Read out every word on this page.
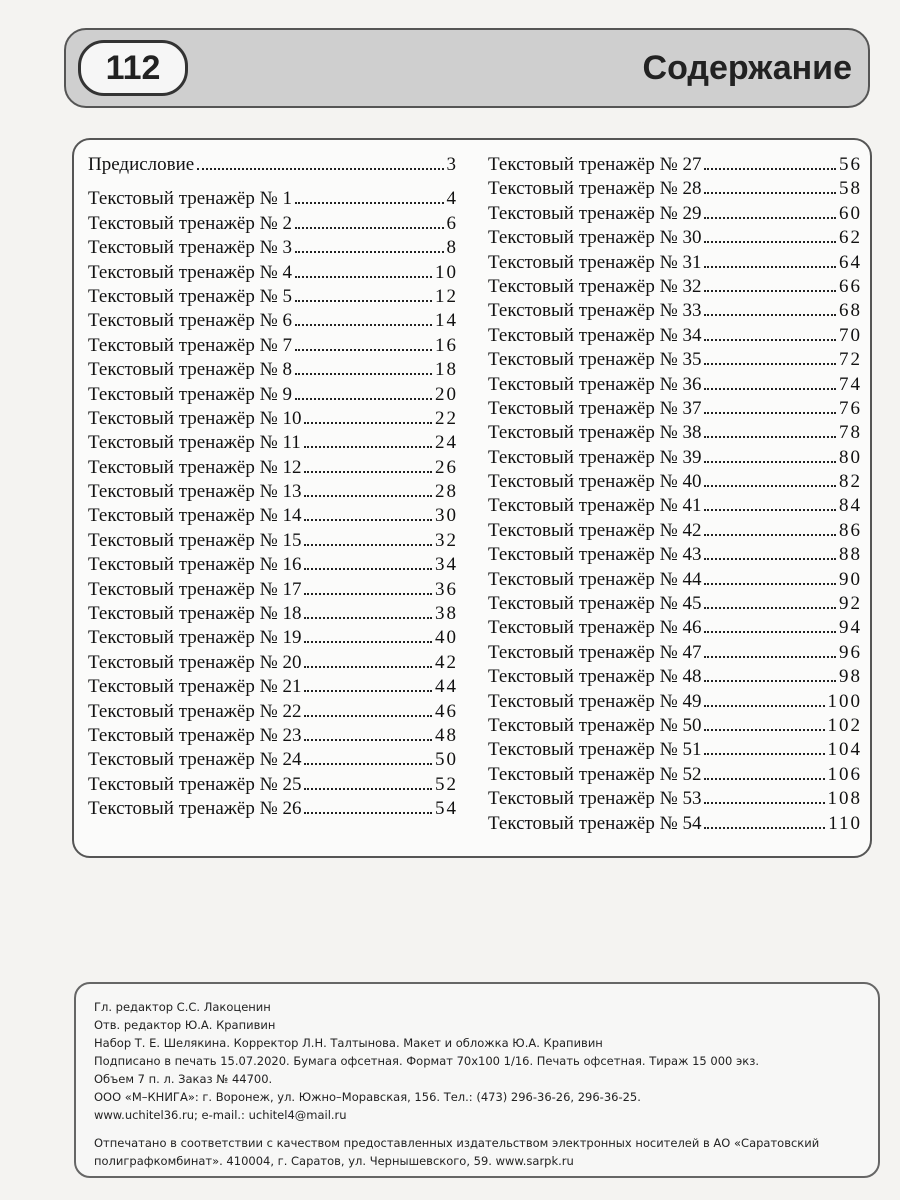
112	Содержание
Предисловие	3
Текстовый тренажёр № 1	4
Текстовый тренажёр № 2	6
Текстовый тренажёр № 3	8
Текстовый тренажёр № 4	10
Текстовый тренажёр № 5	12
Текстовый тренажёр № 6	14
Текстовый тренажёр № 7	16
Текстовый тренажёр № 8	18
Текстовый тренажёр № 9	20
Текстовый тренажёр № 10	22
Текстовый тренажёр № 11	24
Текстовый тренажёр № 12	26
Текстовый тренажёр № 13	28
Текстовый тренажёр № 14	30
Текстовый тренажёр № 15	32
Текстовый тренажёр № 16	34
Текстовый тренажёр № 17	36
Текстовый тренажёр № 18	38
Текстовый тренажёр № 19	40
Текстовый тренажёр № 20	42
Текстовый тренажёр № 21	44
Текстовый тренажёр № 22	46
Текстовый тренажёр № 23	48
Текстовый тренажёр № 24	50
Текстовый тренажёр № 25	52
Текстовый тренажёр № 26	54
Текстовый тренажёр № 27	56
Текстовый тренажёр № 28	58
Текстовый тренажёр № 29	60
Текстовый тренажёр № 30	62
Текстовый тренажёр № 31	64
Текстовый тренажёр № 32	66
Текстовый тренажёр № 33	68
Текстовый тренажёр № 34	70
Текстовый тренажёр № 35	72
Текстовый тренажёр № 36	74
Текстовый тренажёр № 37	76
Текстовый тренажёр № 38	78
Текстовый тренажёр № 39	80
Текстовый тренажёр № 40	82
Текстовый тренажёр № 41	84
Текстовый тренажёр № 42	86
Текстовый тренажёр № 43	88
Текстовый тренажёр № 44	90
Текстовый тренажёр № 45	92
Текстовый тренажёр № 46	94
Текстовый тренажёр № 47	96
Текстовый тренажёр № 48	98
Текстовый тренажёр № 49	100
Текстовый тренажёр № 50	102
Текстовый тренажёр № 51	104
Текстовый тренажёр № 52	106
Текстовый тренажёр № 53	108
Текстовый тренажёр № 54	110
Гл. редактор С.С. Лакоценин
Отв. редактор Ю.А. Крапивин
Набор Т. Е. Шелякина. Корректор Л.Н. Талтынова. Макет и обложка Ю.А. Крапивин
Подписано в печать 15.07.2020. Бумага офсетная. Формат 70x100 1/16. Печать офсетная. Тираж 15 000 экз.
Объем 7 п. л. Заказ № 44700.
ООО «М–КНИГА»: г. Воронеж, ул. Южно–Моравская, 156. Тел.: (473) 296-36-26, 296-36-25.
www.uchitel36.ru; e-mail.: uchitel4@mail.ru
Отпечатано в соответствии с качеством предоставленных издательством электронных носителей в АО «Саратовский
полиграфкомбинат». 410004, г. Саратов, ул. Чернышевского, 59. www.sarpk.ru
